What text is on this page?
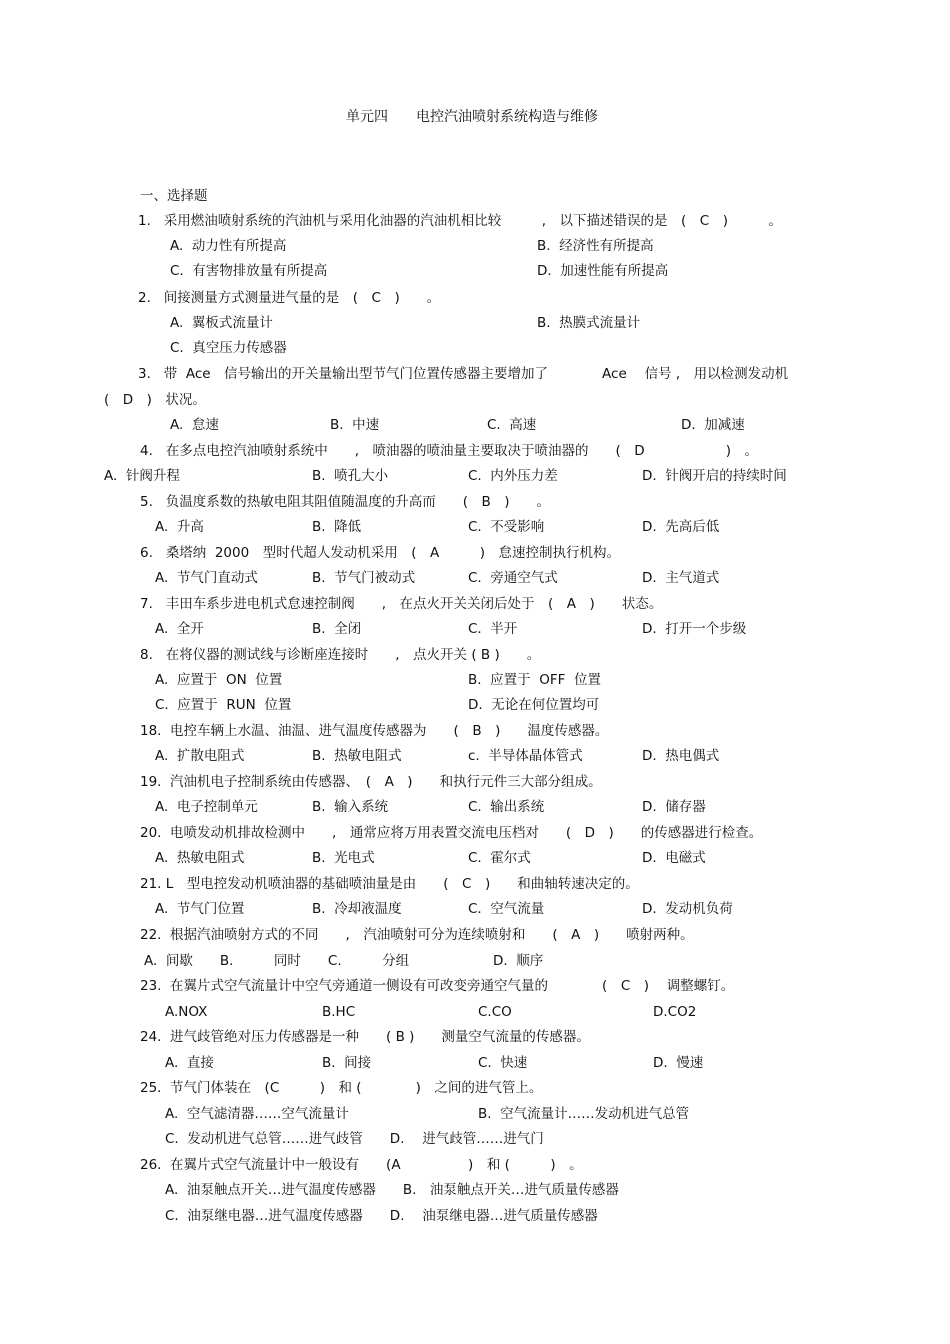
单元四　　电控汽油喷射系统构造与维修
一、选择题
1.   采用燃油喷射系统的汽油机与采用化油器的汽油机相比较　　　,　以下描述错误的是　(　C　)　　　。
A.  动力性有所提高	B.  经济性有所提高
C.  有害物排放量有所提高	D.  加速性能有所提高
2.   间接测量方式测量进气量的是　(　C　)　　。
A.  翼板式流量计	B.  热膜式流量计
C.  真空压力传感器
3.   带  Ace　信号输出的开关量输出型节气门位置传感器主要增加了　　　　Ace　 信号 ,　用以检测发动机
(　D　)　状况。
A.  怠速	B.  中速	C.  高速	D.  加减速
4.   在多点电控汽油喷射系统中　　,　喷油器的喷油量主要取决于喷油器的　　(　D　　　　　　)　。
A.  针阀升程	B.  喷孔大小	C.  内外压力差	D.  针阀开启的持续时间
5.   负温度系数的热敏电阻其阻值随温度的升高而　　(　B　)　　。
A.  升高	B.  降低	C.  不受影响	D.  先高后低
6.   桑塔纳  2000　型时代超人发动机采用　(　A　　　)　怠速控制执行机构。
A.  节气门直动式	B.  节气门被动式	C.  旁通空气式	D.  主气道式
7.   丰田车系步进电机式怠速控制阀　　,　在点火开关关闭后处于　(　A　)　　状态。
A.  全开	B.  全闭	C.  半开	D.  打开一个步级
8.   在将仪器的测试线与诊断座连接时　　,　点火开关 ( B )　　。
A.  应置于  ON  位置	B.  应置于  OFF  位置
C.  应置于  RUN  位置	D.  无论在何位置均可
18.  电控车辆上水温、油温、进气温度传感器为　　(　B　)　　温度传感器。
A.  扩散电阻式	B.  热敏电阻式	c.  半导体晶体管式	D.  热电偶式
19.  汽油机电子控制系统由传感器、　(　A　)　　和执行元件三大部分组成。
A.  电子控制单元	B.  输入系统	C.  输出系统	D.  储存器
20.  电喷发动机排故检测中　　,　通常应将万用表置交流电压档对　　(　D　)　　的传感器进行检查。
A.  热敏电阻式	B.  光电式	C.  霍尔式	D.  电磁式
21. L　型电控发动机喷油器的基础喷油量是由　　(　C　)　　和曲轴转速决定的。
A.  节气门位置	B.  冷却液温度	C.  空气流量	D.  发动机负荷
22.  根据汽油喷射方式的不同　　,　汽油喷射可分为连续喷射和　　(　A　)　　喷射两种。
A.  间歇　　B.　　　同时　　C.　　　分组	D.  顺序
23.  在翼片式空气流量计中空气旁通道一侧设有可改变旁通空气量的　　　　(　C　)　 调整螺钉。
A.NOX	B.HC	C.CO	D.CO2
24.  进气歧管绝对压力传感器是一种　　( B )　　测量空气流量的传感器。
A.  直接	B.  间接	C.  快速	D.  慢速
25.  节气门体装在　(C　　　)　和 (　　　　)　之间的进气管上。
A.  空气滤清器……空气流量计	B.  空气流量计……发动机进气总管
C.  发动机进气总管……进气歧管　　D.　 进气歧管……进气门
26.  在翼片式空气流量计中一般设有　　(A　　　　　)　和 (　　　)　。
A.  油泵触点开关…进气温度传感器　　B.　油泵触点开关…进气质量传感器
C.  油泵继电器…进气温度传感器　　D.　 油泵继电器…进气质量传感器
